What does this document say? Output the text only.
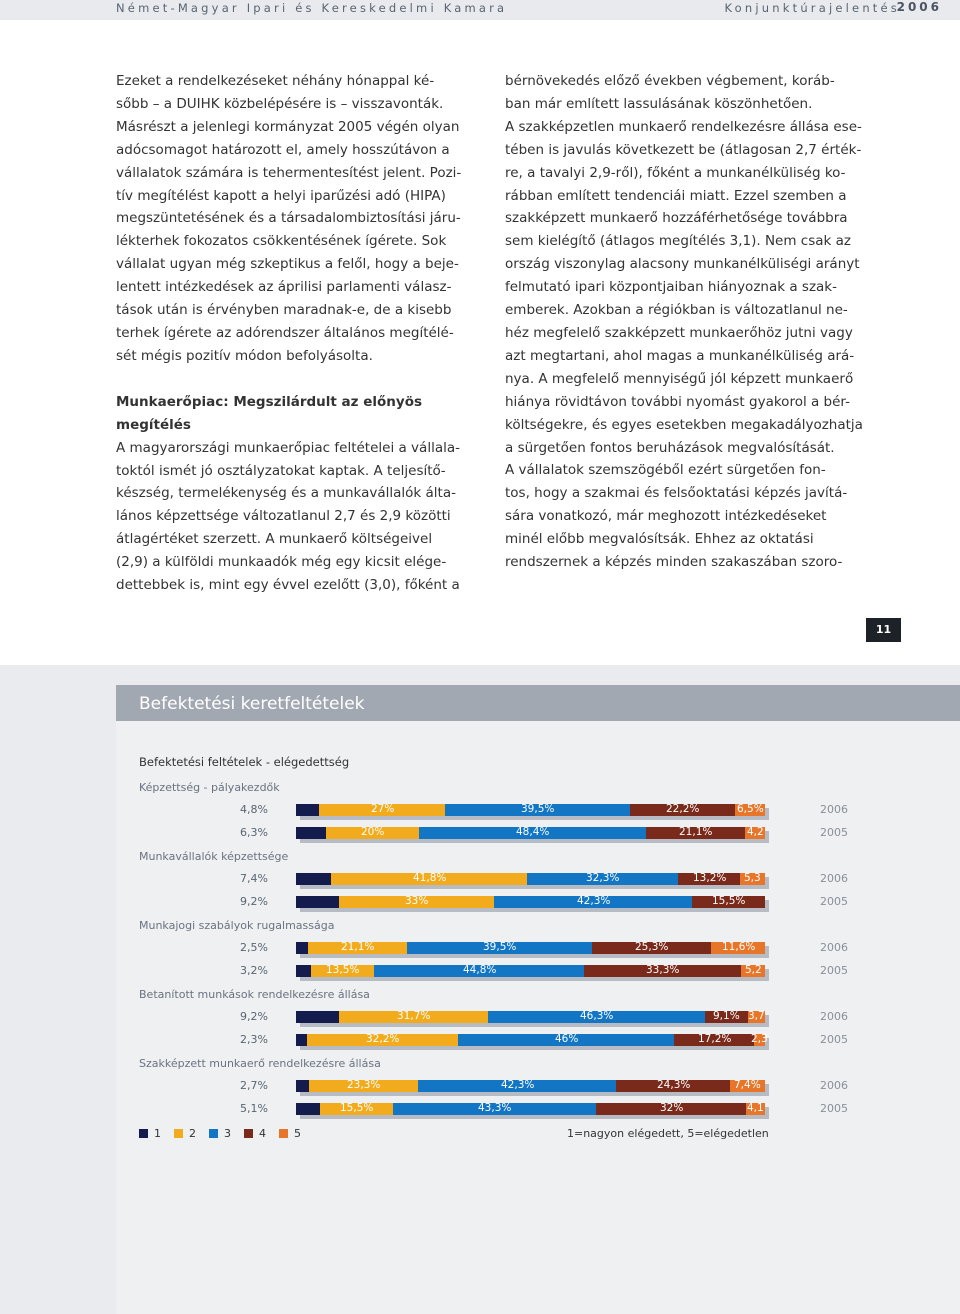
Német-Magyar Ipari és Kereskedelmi Kamara	Konjunktúrajelentés
2006

Ezeket a rendelkezéseket néhány hónappal ké-
sőbb – a DUIHK közbelépésére is – visszavonták.
Másrészt a jelenlegi kormányzat 2005 végén olyan
adócsomagot határozott el, amely hosszútávon a
vállalatok számára is tehermentesítést jelent. Pozi-
tív megítélést kapott a helyi iparűzési adó (HIPA)
megszüntetésének és a társadalombiztosítási járu-
lékterhek fokozatos csökkentésének ígérete. Sok
vállalat ugyan még szkeptikus a felől, hogy a beje-
lentett intézkedések az áprilisi parlamenti válasz-
tások után is érvényben maradnak-e, de a kisebb
terhek ígérete az adórendszer általános megítélé-
sét mégis pozitív módon befolyásolta.

Munkaerőpiac: Megszilárdult az előnyös megítélés

A magyarországi munkaerőpiac feltételei a vállala-
toktól ismét jó osztályzatokat kaptak. A teljesítő-
készség, termelékenység és a munkavállalók álta-
lános képzettsége változatlanul 2,7 és 2,9 közötti
átlagértéket szerzett. A munkaerő költségeivel
(2,9) a külföldi munkaadók még egy kicsit elége-
dettebbek is, mint egy évvel ezelőtt (3,0), főként a

bérnövekedés előző években végbement, koráb-
ban már említett lassulásának köszönhetően.
A szakképzetlen munkaerő rendelkezésre állása ese-
tében is javulás következett be (átlagosan 2,7 érték-
re, a tavalyi 2,9-ről), főként a munkanélküliség ko-
rábban említett tendenciái miatt. Ezzel szemben a
szakképzett munkaerő hozzáférhetősége továbbra
sem kielégítő (átlagos megítélés 3,1). Nem csak az
ország viszonylag alacsony munkanélküliségi arányt
felmutató ipari központjaiban hiányoznak a szak-
emberek. Azokban a régiókban is változatlanul ne-
héz megfelelő szakképzett munkaerőhöz jutni vagy
azt megtartani, ahol magas a munkanélküliség ará-
nya. A megfelelő mennyiségű jól képzett munkaerő
hiánya rövidtávon további nyomást gyakorol a bér-
költségekre, és egyes esetekben megakadályozhatja
a sürgetően fontos beruházások megvalósítását.
A vállalatok szemszögéből ezért sürgetően fon-
tos, hogy a szakmai és felsőoktatási képzés javítá-
sára vonatkozó, már meghozott intézkedéseket
minél előbb megvalósítsák. Ehhez az oktatási
rendszernek a képzés minden szakaszában szoro-

11
Befektetési keretfeltételek
Befektetési feltételek - elégedettség
Képzettség - pályakezdők
4,8%	2006
27%	39,5%	22,2%	6,5%
6,3%	2005
20%	48,4%	21,1%	4,2
Munkavállalók képzettsége
7,4%	2006
41,8%	32,3%	13,2% 5,3
9,2%	2005
33%	42,3%	15,5%
Munkajogi szabályok rugalmassága
2,5%	2006
21,1%	39,5%	25,3%	11,6%
3,2%	2005
13,5%	44,8%	33,3%	5,2
Betanított munkások rendelkezésre állása
9,2%	2006
31,7%	46,3%	9,1% 3,7
2,3%	2005
32,2%	46%	17,2% 2,3
Szakképzett munkaerő rendelkezésre állása
2,7%	2006
23,3%	42,3%	24,3%	7,4%
5,1%	2005
15,5%	43,3%	32%	4,1
1	2	3	4	5	1=nagyon elégedett, 5=elégedetlen
